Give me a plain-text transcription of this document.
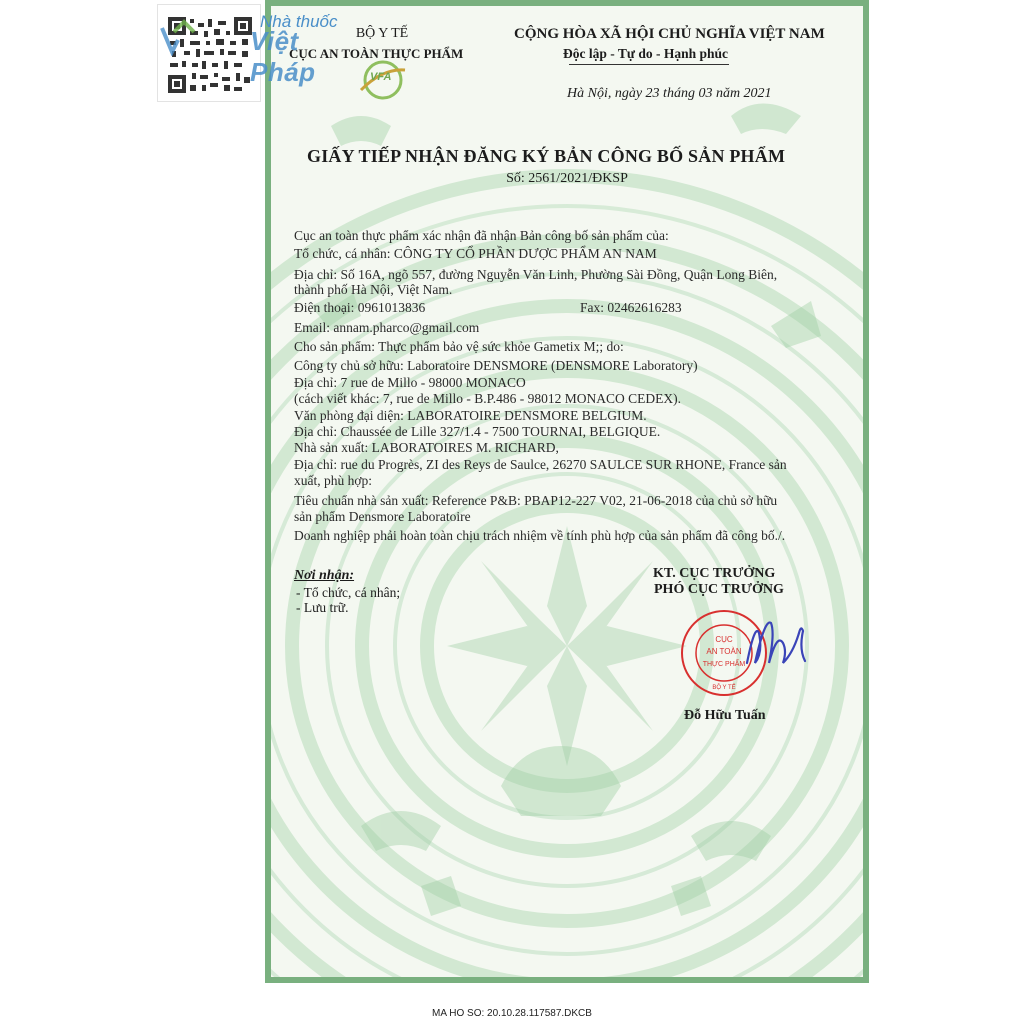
BỘ Y TẾ
CỤC AN TOÀN THỰC PHẨM
VFA
CỘNG HÒA XÃ HỘI CHỦ NGHĨA VIỆT NAM
Độc lập - Tự do - Hạnh phúc
Hà Nội, ngày 23 tháng 03 năm 2021
GIẤY TIẾP NHẬN ĐĂNG KÝ BẢN CÔNG BỐ SẢN PHẨM
Số: 2561/2021/ĐKSP
Cục an toàn thực phẩm xác nhận đã nhận Bản công bố sản phẩm của:
Tổ chức, cá nhân: CÔNG TY CỔ PHẦN DƯỢC PHẨM AN NAM
Địa chỉ: Số 16A, ngõ 557, đường Nguyễn Văn Linh, Phường Sài Đồng, Quận Long Biên,
thành phố Hà Nội, Việt Nam.
Điện thoại: 0961013836	Fax: 02462616283
Email: annam.pharco@gmail.com
Cho sản phẩm: Thực phẩm bảo vệ sức khỏe Gametix M;; do:
Công ty chủ sở hữu: Laboratoire DENSMORE (DENSMORE Laboratory)
Địa chỉ: 7 rue de Millo - 98000 MONACO
(cách viết khác: 7, rue de Millo - B.P.486 - 98012 MONACO CEDEX).
Văn phòng đại diện: LABORATOIRE DENSMORE BELGIUM.
Địa chỉ: Chaussée de Lille 327/1.4 - 7500 TOURNAI, BELGIQUE.
Nhà sản xuất: LABORATOIRES M. RICHARD,
Địa chỉ: rue du Progrès, ZI des Reys de Saulce, 26270 SAULCE SUR RHONE, France sản
xuất, phù hợp:
Tiêu chuẩn nhà sản xuất: Reference P&B: PBAP12-227 V02, 21-06-2018 của chủ sở hữu
sản phẩm Densmore Laboratoire
Doanh nghiệp phải hoàn toàn chịu trách nhiệm về tính phù hợp của sản phẩm đã công bố./.
Nơi nhận:
- Tổ chức, cá nhân;
- Lưu trữ.
KT. CỤC TRƯỞNG
PHÓ CỤC TRƯỞNG
CỤC
AN TOÀN
THỰC PHẨM
BỘ Y TẾ
Đỗ Hữu Tuấn
Nhà thuốc
Việt Pháp
MA HO SO: 20.10.28.117587.DKCB
